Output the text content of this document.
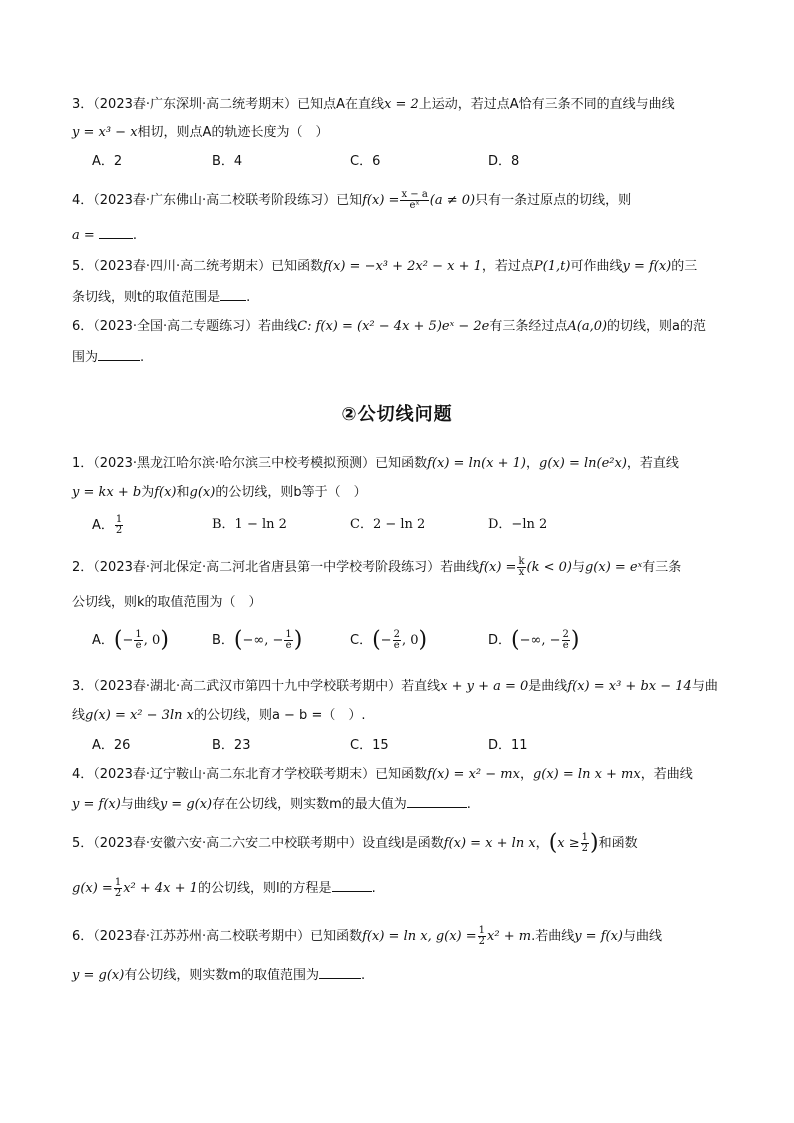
3．（2023春·广东深圳·高二统考期末）已知点A在直线x = 2上运动，若过点A恰有三条不同的直线与曲线
y = x³ − x相切，则点A的轨迹长度为（　）
A．2	B．4	C．6	D．8
4．（2023春·广东佛山·高二校联考阶段练习）已知$f(x) = \frac{x - a}{\text{eˣ}} (a \ne 0)$只有一条过原点的切线，则
a =	.
5．（2023春·四川·高二统考期末）已知函数f(x) = −x³ + 2x² − x + 1，若过点P(1,t)可作曲线y = f(x)的三
条切线，则t的取值范围是 .
6．（2023·全国·高二专题练习）若曲线C: f(x) = (x² − 4x + 5)eˣ − 2e有三条经过点A(a,0)的切线，则a的范
围为	.
②公切线问题
1．（2023·黑龙江哈尔滨·哈尔滨三中校考模拟预测）已知函数f(x) = ln(x + 1)，g(x) = ln(e²x)，若直线
y = kx + b为f(x)和g(x)的公切线，则b等于（　）
A． $\frac{1}{2}$	B．1 − ln 2	C．2 − ln 2	D．−ln 2
2．（2023春·河北保定·高二河北省唐县第一中学校考阶段练习）若曲线$f(x) = \frac{k}{x} (k < 0)$与g(x) = eˣ有三条
公切线，则k的取值范围为（　）
A．(− $\frac{1}{e}$ , 0)	B．(−∞, − $\frac{1}{e}$ )	C．(− $\frac{2}{e}$ , 0)	D．(−∞, − $\frac{2}{e}$ )
3．（2023春·湖北·高二武汉市第四十九中学校联考期中）若直线x + y + a = 0是曲线f(x) = x³ + bx − 14与曲
线g(x) = x² − 3ln x的公切线，则a − b =（　）.
A．26	B．23	C．15	D．11
4．（2023春·辽宁鞍山·高二东北育才学校联考期末）已知函数f(x) = x² − mx，g(x) = ln x + mx，若曲线
y = f(x)与曲线y = g(x)存在公切线，则实数m的最大值为	.
5．（2023春·安徽六安·高二六安二中校联考期中）设直线l是函数f(x) = x + ln x，($x \ge \frac{1}{2}$ )和函数
$g(x) = \frac{1}{2} x^2 + 4x + 1$的公切线，则l的方程是	.
6．（2023春·江苏苏州·高二校联考期中）已知函数f(x) = ln x, $g(x) = \frac{1}{2} x^2 + m$.若曲线y = f(x)与曲线
y = g(x)有公切线，则实数m的取值范围为	.
